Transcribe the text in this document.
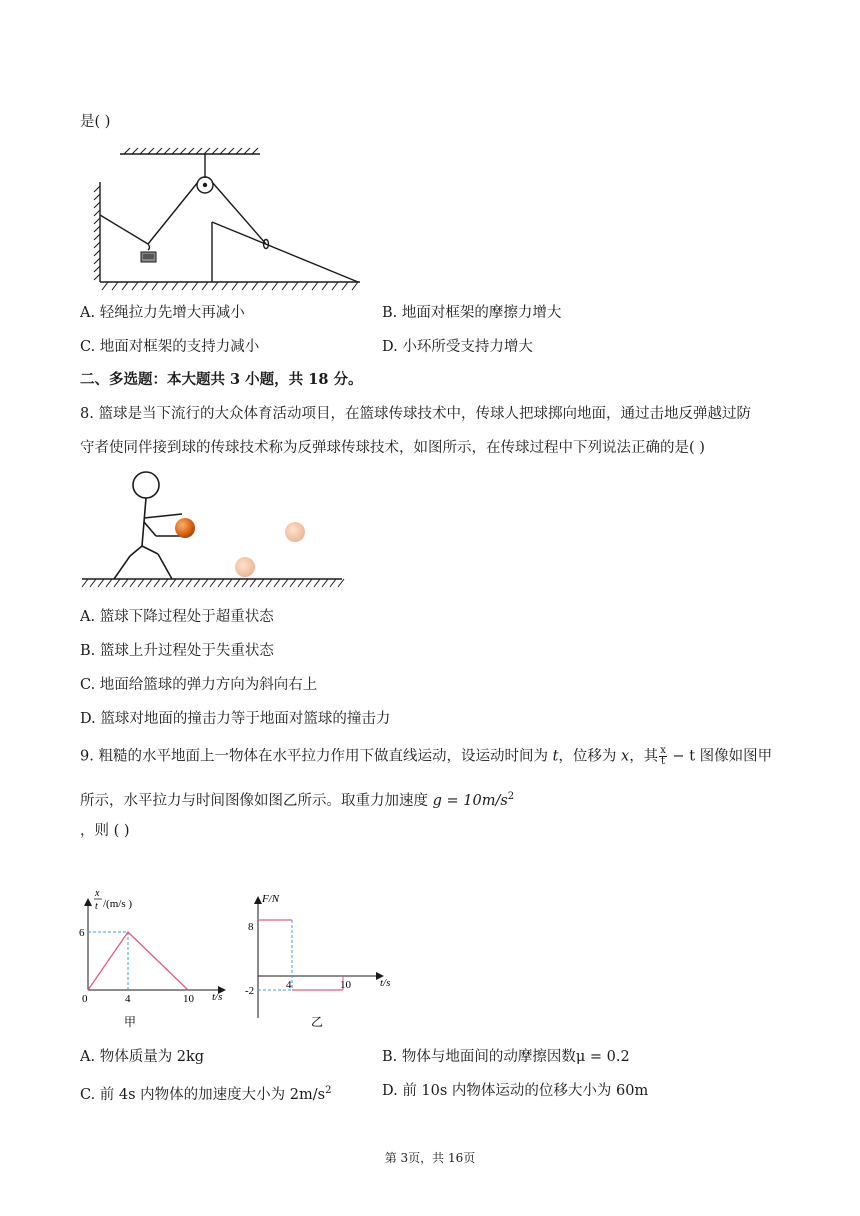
是( )
A. 轻绳拉力先增大再减小	B. 地面对框架的摩擦力增大
C. 地面对框架的支持力减小	D. 小环所受支持力增大
二、多选题：本大题共 3 小题，共 18 分。
8. 篮球是当下流行的大众体育活动项目，在篮球传球技术中，传球人把球掷向地面，通过击地反弹越过防
守者使同伴接到球的传球技术称为反弹球传球技术，如图所示，在传球过程中下列说法正确的是( )
A. 篮球下降过程处于超重状态
B. 篮球上升过程处于失重状态
C. 地面给篮球的弹力方向为斜向右上
D. 篮球对地面的撞击力等于地面对篮球的撞击力
9. 粗糙的水平地面上一物体在水平拉力作用下做直线运动，设运动时间为 t，位移为 x，其 $\frac{x}{t} - t$ 图像如图甲
所示，水平拉力与时间图像如图乙所示。取重力加速度 $g = 10m/s^2$
，则 ( )
x
t /(m/s )
6
0	4	10 t/s
甲
F/N
8
-2	4	10	t/s
乙
A. 物体质量为 2kg	B. 物体与地面间的动摩擦因数μ = 0.2
C. 前 4s 内物体的加速度大小为 $2m/s^2$	D. 前 10s 内物体运动的位移大小为 60m
第 3页，共 16页
